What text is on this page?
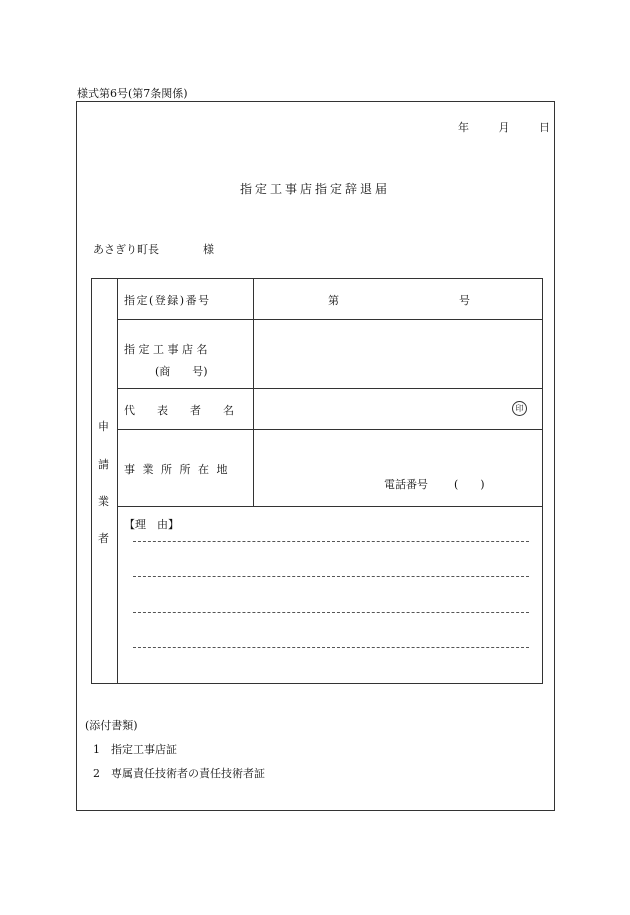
様式第6号(第7条関係)
年	月	日
指定工事店指定辞退届
あさぎり町長	様
申
請
業
者
指定(登録)番号	第	号
指 定 工 事 店 名
(商　　号)
代　　表　　者　　名	印
事 業 所 所 在 地
電話番号 (　　)
【理　由】
(添付書類)
1 指定工事店証
2 専属責任技術者の責任技術者証
